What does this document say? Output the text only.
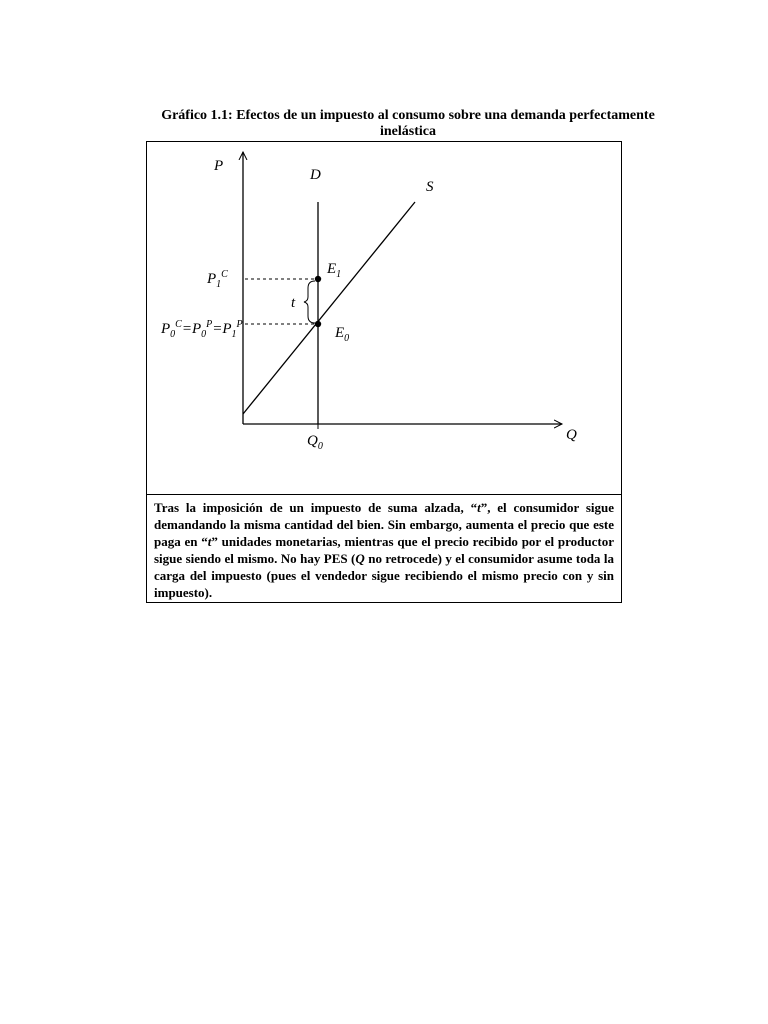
Gráfico 1.1: Efectos de un impuesto al consumo sobre una demanda perfectamente inelástica
P
Q
D
S
$E_1$
$E_0$
$P_1^C$
$P_0^C=P_0^P=P_1^P$
t
$Q_0$
Tras la imposición de un impuesto de suma alzada, “t”, el consumidor sigue demandando la misma cantidad del bien. Sin embargo, aumenta el precio que este paga en “t” unidades monetarias, mientras que el precio recibido por el productor sigue siendo el mismo. No hay PES (Q no retrocede) y el consumidor asume toda la carga del impuesto (pues el vendedor sigue recibiendo el mismo precio con y sin impuesto).
